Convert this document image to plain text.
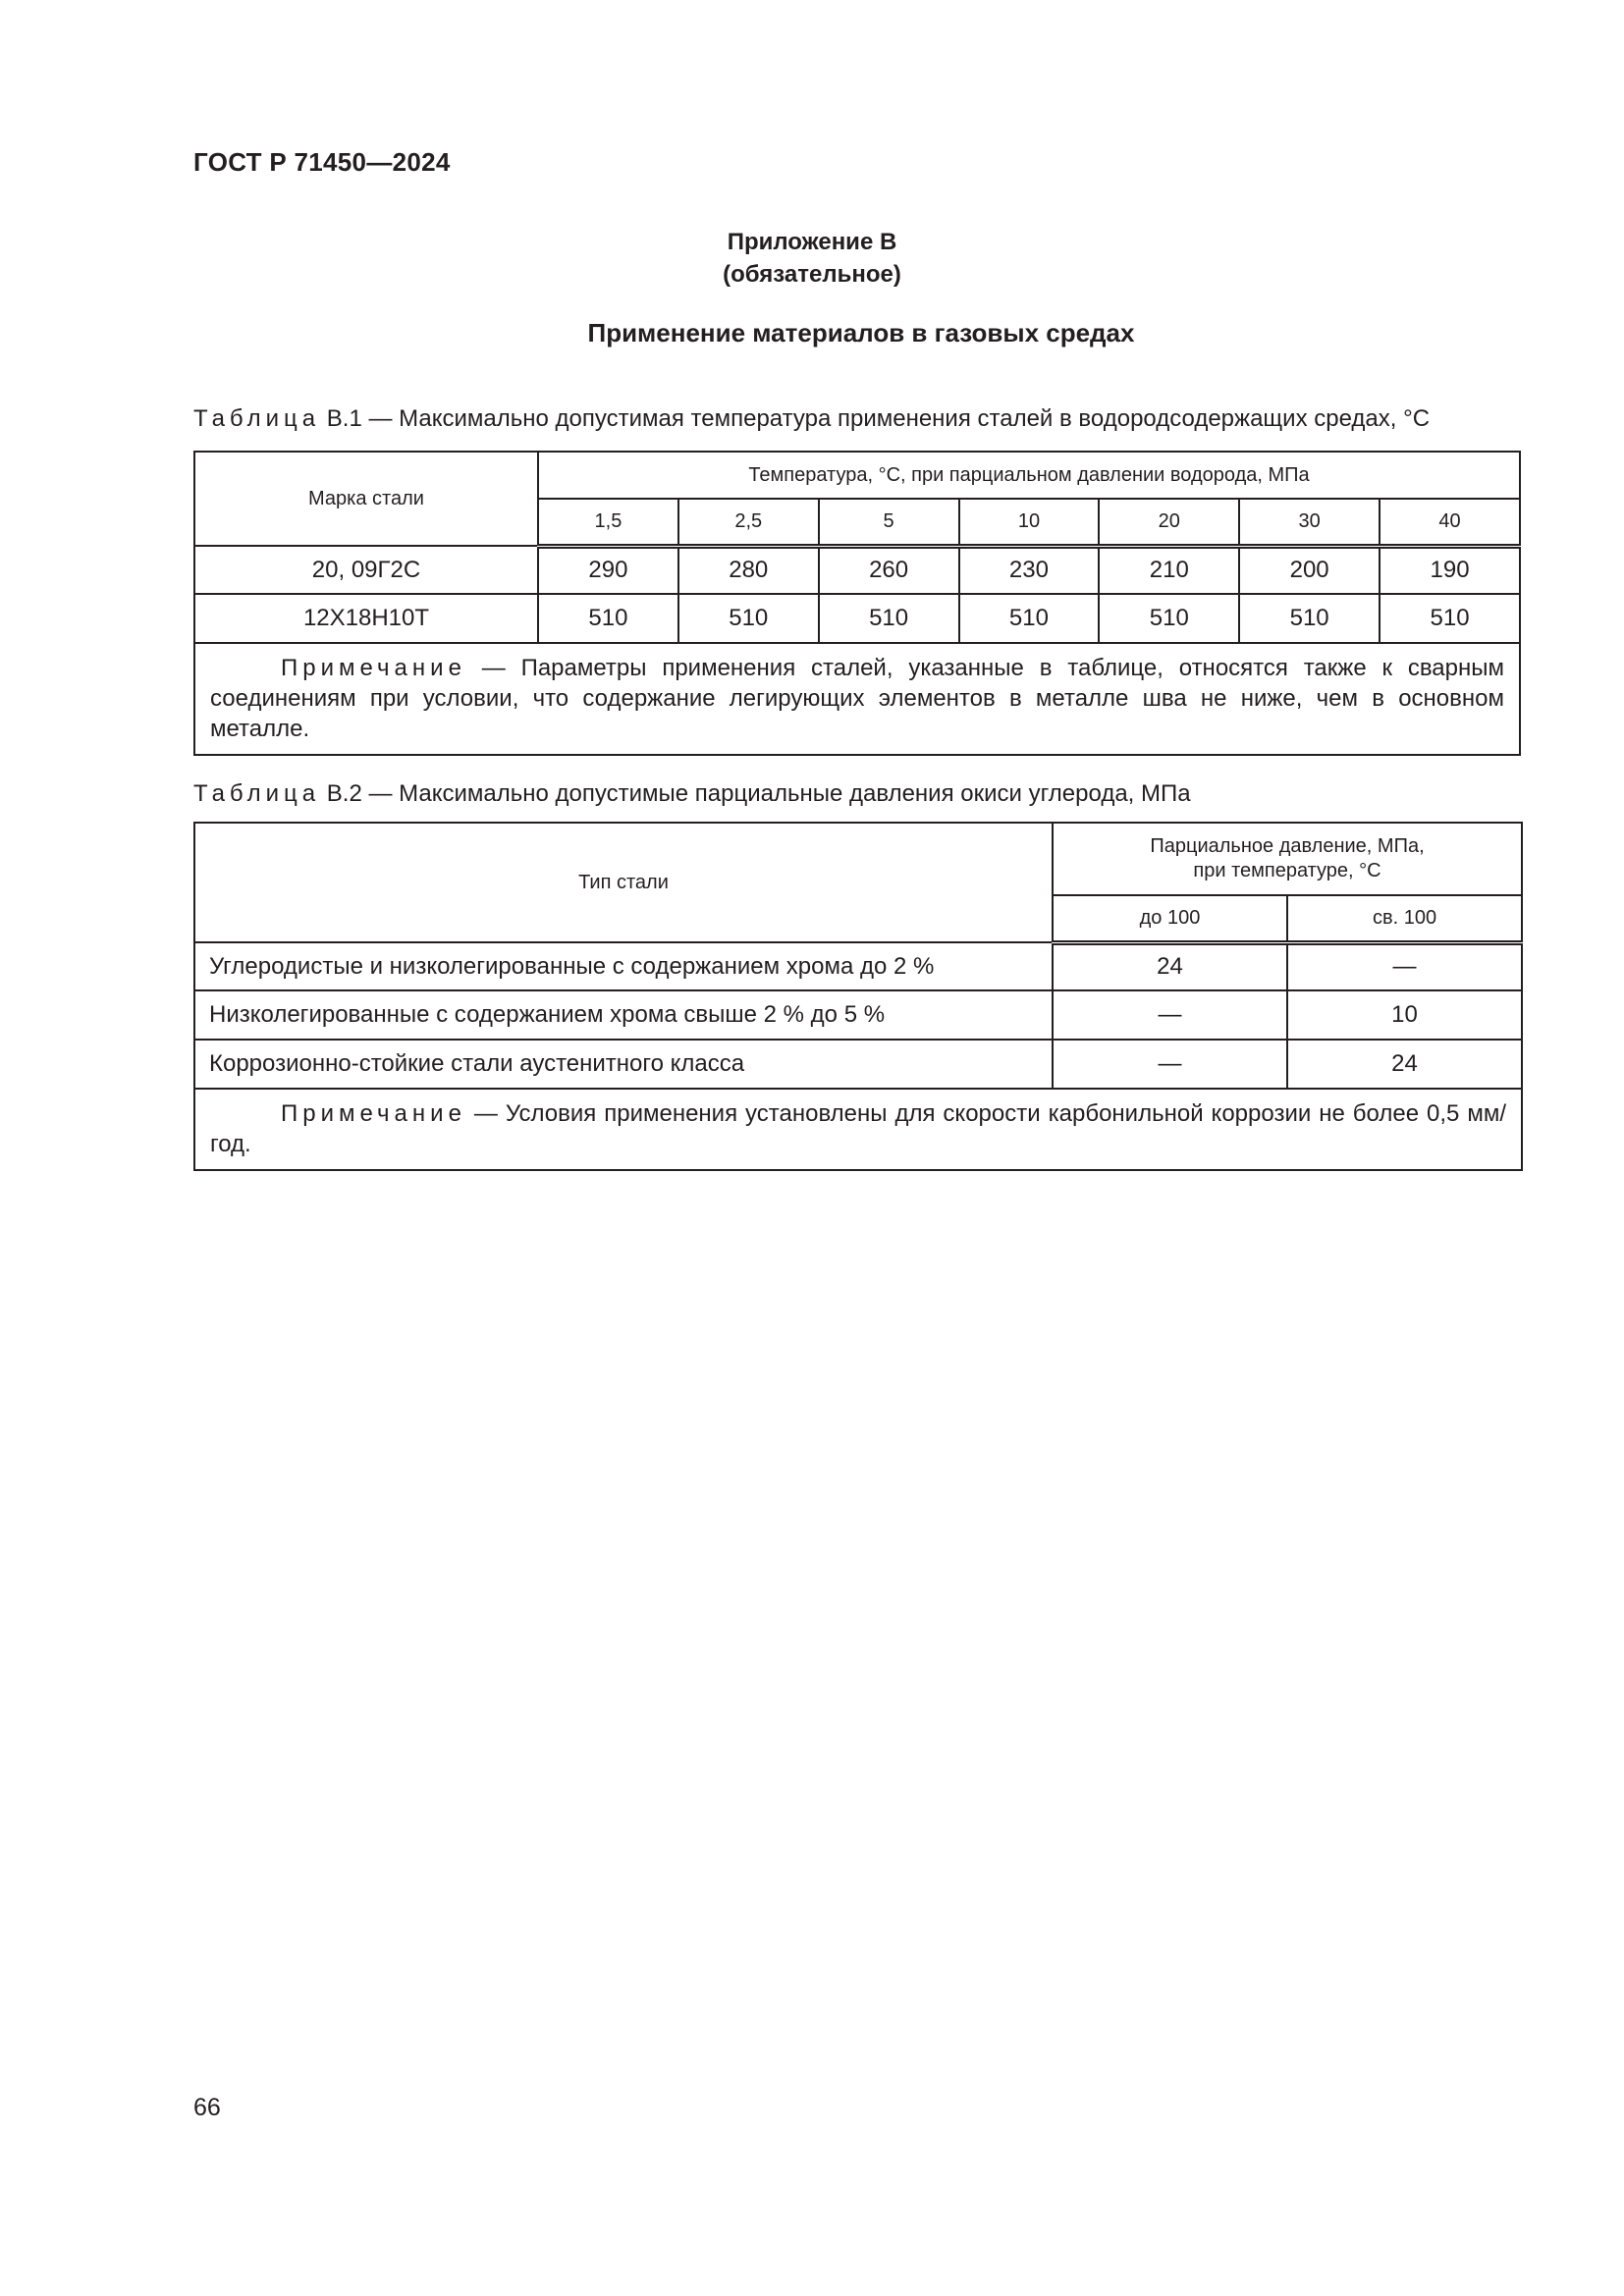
ГОСТ Р 71450—2024
Приложение В
(обязательное)
Применение материалов в газовых средах
Таблица В.1 — Максимально допустимая температура применения сталей в водородсодержащих средах, °С
Марка стали	Температура, °С, при парциальном давлении водорода, МПа						
	1,5	2,5	5	10	20	30	40
20, 09Г2С	290	280	260	230	210	200	190
12Х18Н10Т	510	510	510	510	510	510	510
Примечание — Параметры применения сталей, указанные в таблице, относятся также к сварным соединениям при условии, что содержание легирующих элементов в металле шва не ниже, чем в основном металле.							
Таблица В.2 — Максимально допустимые парциальные давления окиси углерода, МПа
Тип стали	Парциальное давление, МПа,
при температуре, °С	

	до 100	св. 100
Углеродистые и низколегированные с содержанием хрома до 2 %	24	—
Низколегированные с содержанием хрома свыше 2 % до 5 %	—	10
Коррозионно-стойкие стали аустенитного класса	—	24
Примечание — Условия применения установлены для скорости карбонильной коррозии не более 0,5 мм/год.		
66
